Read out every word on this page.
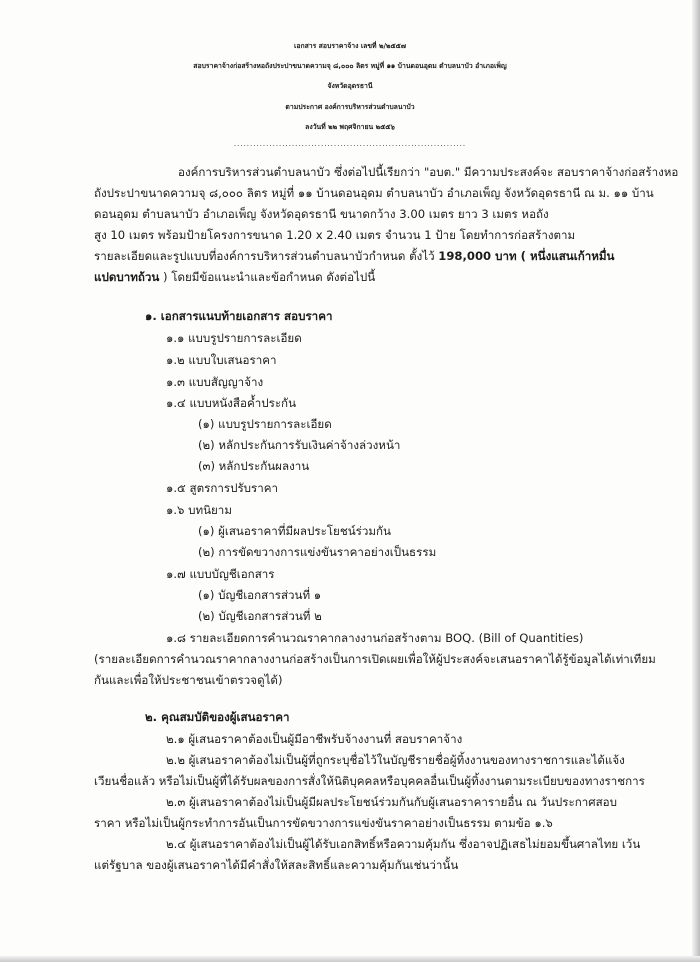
เอกสาร สอบราคาจ้าง เลขที่ ๒/๒๕๕๗
สอบราคาจ้างก่อสร้างหอถังประปาขนาดความจุ ๘,๐๐๐ ลิตร หมู่ที่ ๑๑ บ้านดอนอุดม ตำบลนาบัว อำเภอเพ็ญ
จังหวัดอุดรธานี
ตามประกาศ องค์การบริหารส่วนตำบลนาบัว
ลงวันที่ ๒๒ พฤศจิกายน ๒๕๕๖
........................................................................
องค์การบริหารส่วนตำบลนาบัว ซึ่งต่อไปนี้เรียกว่า "อบต." มีความประสงค์จะ สอบราคาจ้างก่อสร้างหอ
ถังประปาขนาดความจุ ๘,๐๐๐ ลิตร หมู่ที่ ๑๑ บ้านดอนอุดม ตำบลนาบัว อำเภอเพ็ญ จังหวัดอุดรธานี ณ ม. ๑๑ บ้าน
ดอนอุดม ตำบลนาบัว อำเภอเพ็ญ จังหวัดอุดรธานี ขนาดกว้าง 3.00 เมตร ยาว 3 เมตร หอถัง
สูง 10 เมตร พร้อมป้ายโครงการขนาด 1.20 x 2.40 เมตร จำนวน 1 ป้าย โดยทำการก่อสร้างตาม
รายละเอียดและรูปแบบที่องค์การบริหารส่วนตำบลนาบัวกำหนด ตั้งไว้ 198,000 บาท ( หนึ่งแสนเก้าหมื่น
แปดบาทถ้วน ) โดยมีข้อแนะนำและข้อกำหนด ดังต่อไปนี้
๑. เอกสารแนบท้ายเอกสาร สอบราคา
๑.๑ แบบรูปรายการละเอียด
๑.๒ แบบใบเสนอราคา
๑.๓ แบบสัญญาจ้าง
๑.๔ แบบหนังสือค้ำประกัน
(๑) แบบรูปรายการละเอียด
(๒) หลักประกันการรับเงินค่าจ้างล่วงหน้า
(๓) หลักประกันผลงาน
๑.๕ สูตรการปรับราคา
๑.๖ บทนิยาม
(๑) ผู้เสนอราคาที่มีผลประโยชน์ร่วมกัน
(๒) การขัดขวางการแข่งขันราคาอย่างเป็นธรรม
๑.๗ แบบบัญชีเอกสาร
(๑) บัญชีเอกสารส่วนที่ ๑
(๒) บัญชีเอกสารส่วนที่ ๒
๑.๘ รายละเอียดการคำนวณราคากลางงานก่อสร้างตาม BOQ. (Bill of Quantities)
(รายละเอียดการคำนวณราคากลางงานก่อสร้างเป็นการเปิดเผยเพื่อให้ผู้ประสงค์จะเสนอราคาได้รู้ข้อมูลได้เท่าเทียม
กันและเพื่อให้ประชาชนเข้าตรวจดูได้)
๒. คุณสมบัติของผู้เสนอราคา
๒.๑ ผู้เสนอราคาต้องเป็นผู้มีอาชีพรับจ้างงานที่ สอบราคาจ้าง
๒.๒ ผู้เสนอราคาต้องไม่เป็นผู้ที่ถูกระบุชื่อไว้ในบัญชีรายชื่อผู้ทิ้งงานของทางราชการและได้แจ้ง
เวียนชื่อแล้ว หรือไม่เป็นผู้ที่ได้รับผลของการสั่งให้นิติบุคคลหรือบุคคลอื่นเป็นผู้ทิ้งงานตามระเบียบของทางราชการ
๒.๓ ผู้เสนอราคาต้องไม่เป็นผู้มีผลประโยชน์ร่วมกันกับผู้เสนอราคารายอื่น ณ วันประกาศสอบ
ราคา หรือไม่เป็นผู้กระทำการอันเป็นการขัดขวางการแข่งขันราคาอย่างเป็นธรรม ตามข้อ ๑.๖
๒.๔ ผู้เสนอราคาต้องไม่เป็นผู้ได้รับเอกสิทธิ์หรือความคุ้มกัน ซึ่งอาจปฏิเสธไม่ยอมขึ้นศาลไทย เว้น
แต่รัฐบาล ของผู้เสนอราคาได้มีคำสั่งให้สละสิทธิ์และความคุ้มกันเช่นว่านั้น
